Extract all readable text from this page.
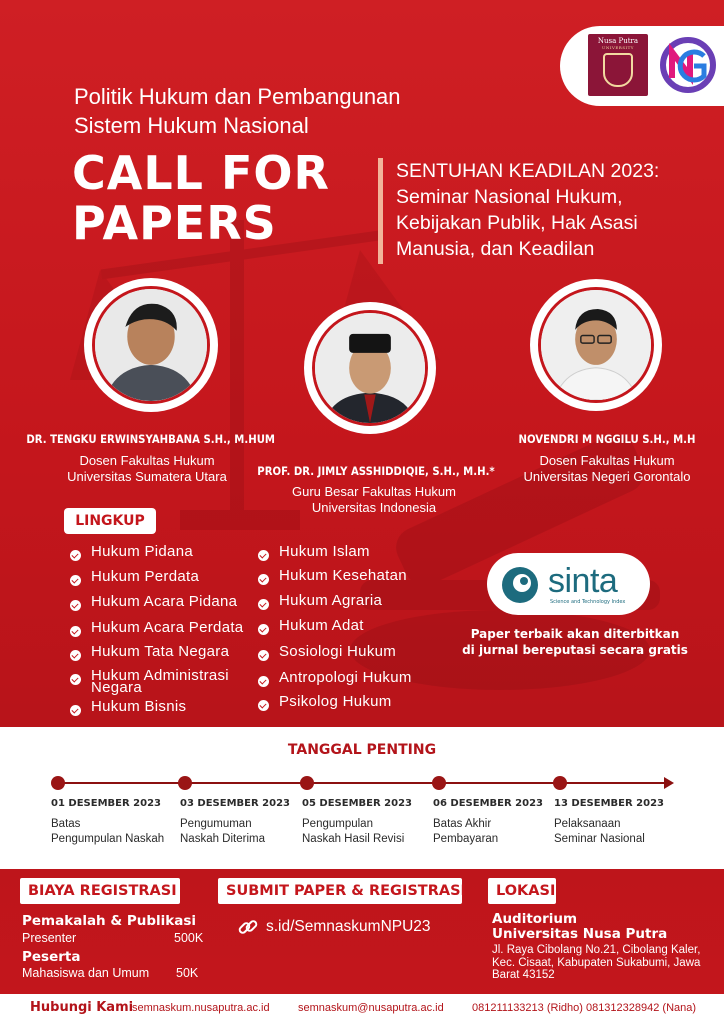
Nusa Putra
UNIVERSITY
Politik Hukum dan Pembangunan
Sistem Hukum Nasional
CALL FOR
PAPERS
SENTUHAN KEADILAN 2023:
Seminar Nasional Hukum,
Kebijakan Publik, Hak Asasi
Manusia, dan Keadilan
DR. TENGKU ERWINSYAHBANA S.H., M.HUM
Dosen Fakultas Hukum
Universitas Sumatera Utara	PROF. DR. JIMLY ASSHIDDIQIE, S.H., M.H.*
Guru Besar Fakultas Hukum
Universitas Indonesia
NOVENDRI M NGGILU S.H., M.H
Dosen Fakultas Hukum
Universitas Negeri Gorontalo
LINGKUP
Hukum Pidana
Hukum Perdata
Hukum Acara Pidana
Hukum Acara Perdata
Hukum Tata Negara
Hukum Administrasi
Negara
Hukum Bisnis
Hukum Islam
Hukum Kesehatan
Hukum Agraria
Hukum Adat
Sosiologi Hukum
Antropologi Hukum
Psikolog Hukum
sinta
Science and Technology Index
Paper terbaik akan diterbitkan
di jurnal bereputasi secara gratis
TANGGAL PENTING
01 DESEMBER 2023
Batas
Pengumpulan Naskah
03 DESEMBER 2023
Pengumuman
Naskah Diterima
05 DESEMBER 2023
Pengumpulan
Naskah Hasil Revisi
06 DESEMBER 2023
Batas Akhir
Pembayaran
13 DESEMBER 2023
Pelaksanaan
Seminar Nasional
BIAYA REGISTRASI
Pemakalah & Publikasi
Presenter	500K
Peserta
Mahasiswa dan Umum 50K
SUBMIT PAPER & REGISTRASI
s.id/SemnaskumNPU23
LOKASI
Auditorium
Universitas Nusa Putra
Jl. Raya Cibolang No.21, Cibolang Kaler, Kec. Cisaat, Kabupaten Sukabumi, Jawa Barat 43152
Hubungi Kami
semnaskum.nusaputra.ac.id	semnaskum@nusaputra.ac.id	081211133213 (Ridho) 081312328942 (Nana)
